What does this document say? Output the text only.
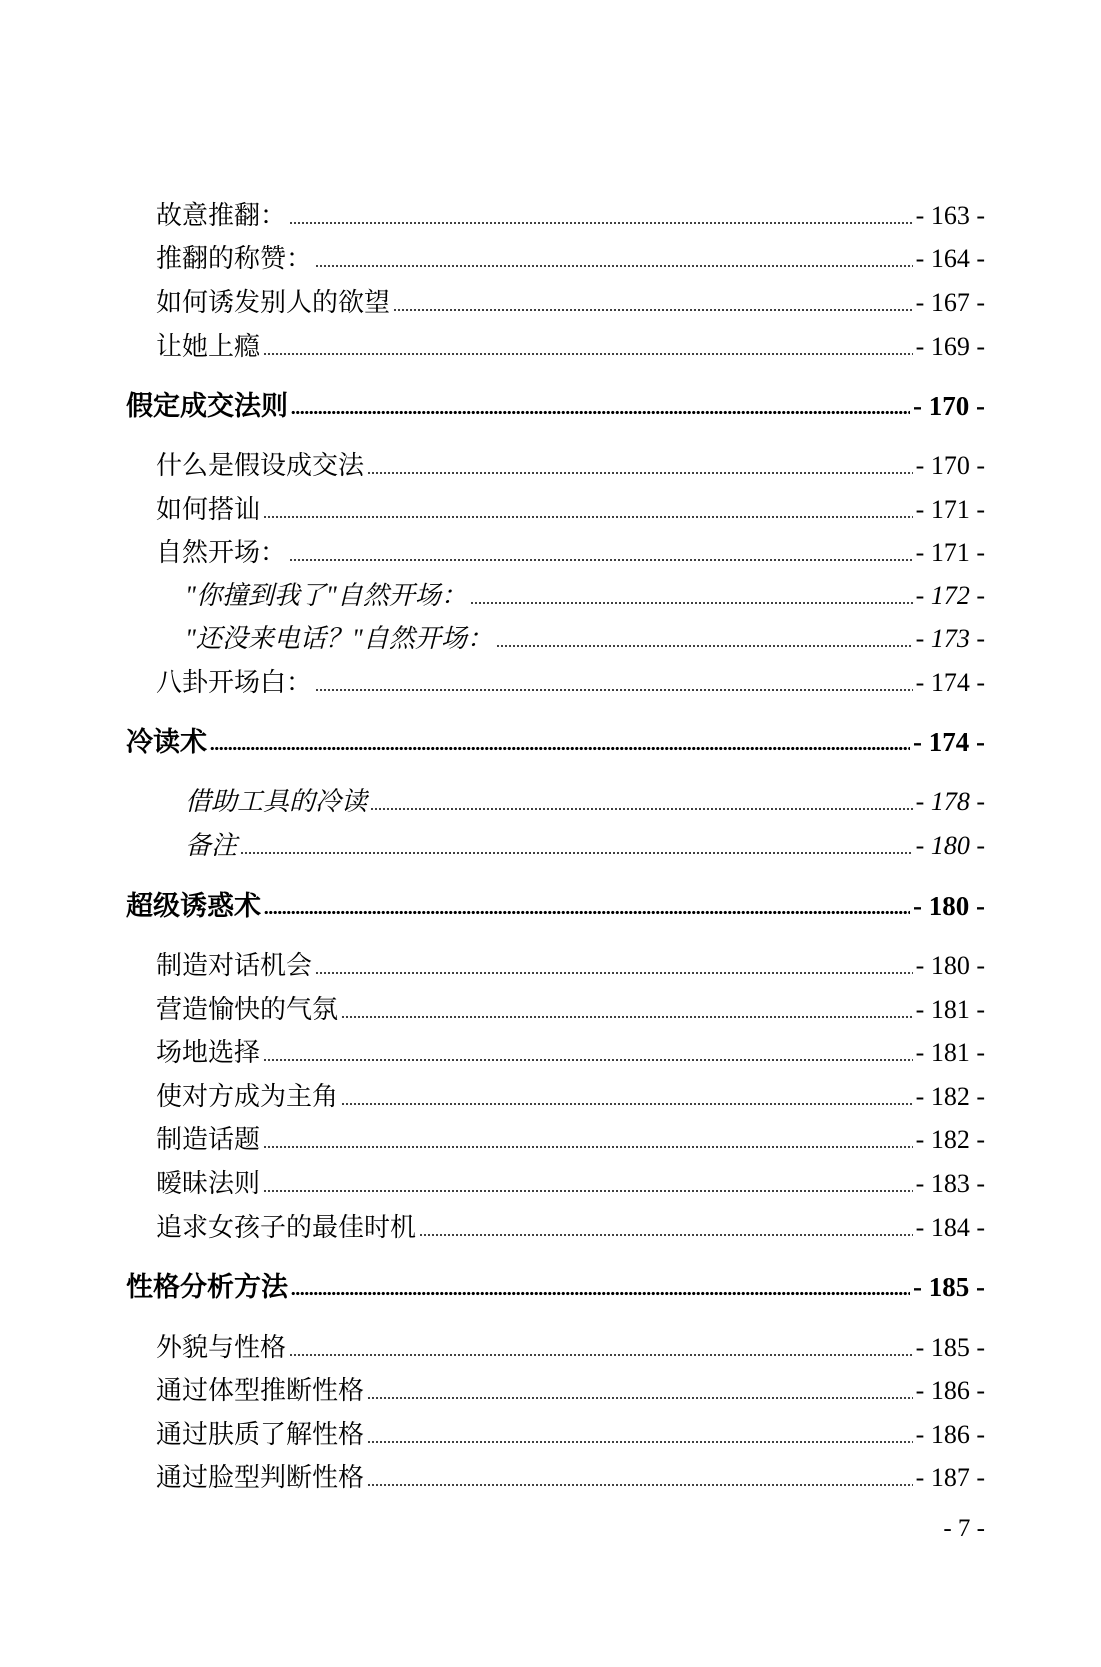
故意推翻：	- 163 -
推翻的称赞：	- 164 -
如何诱发别人的欲望	- 167 -
让她上瘾	- 169 -
假定成交法则	- 170 -
什么是假设成交法	- 170 -
如何搭讪	- 171 -
自然开场：	- 171 -
"你撞到我了"自然开场：	- 172 -
"还没来电话？"自然开场：	- 173 -
八卦开场白：	- 174 -
冷读术	- 174 -
借助工具的冷读	- 178 -
备注	- 180 -
超级诱惑术	- 180 -
制造对话机会	- 180 -
营造愉快的气氛	- 181 -
场地选择	- 181 -
使对方成为主角	- 182 -
制造话题	- 182 -
暧昧法则	- 183 -
追求女孩子的最佳时机	- 184 -
性格分析方法	- 185 -
外貌与性格	- 185 -
通过体型推断性格	- 186 -
通过肤质了解性格	- 186 -
通过脸型判断性格	- 187 -
- 7 -
